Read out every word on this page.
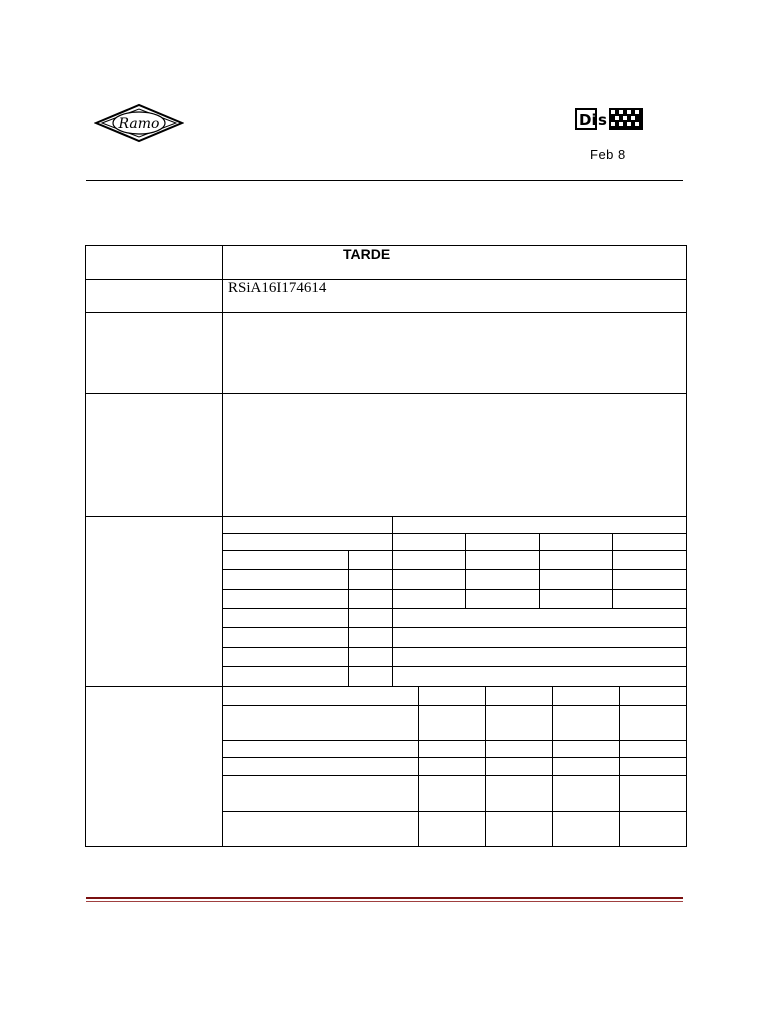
Ramo	Di s
Feb 8
TARDE
RSiA16I174614
